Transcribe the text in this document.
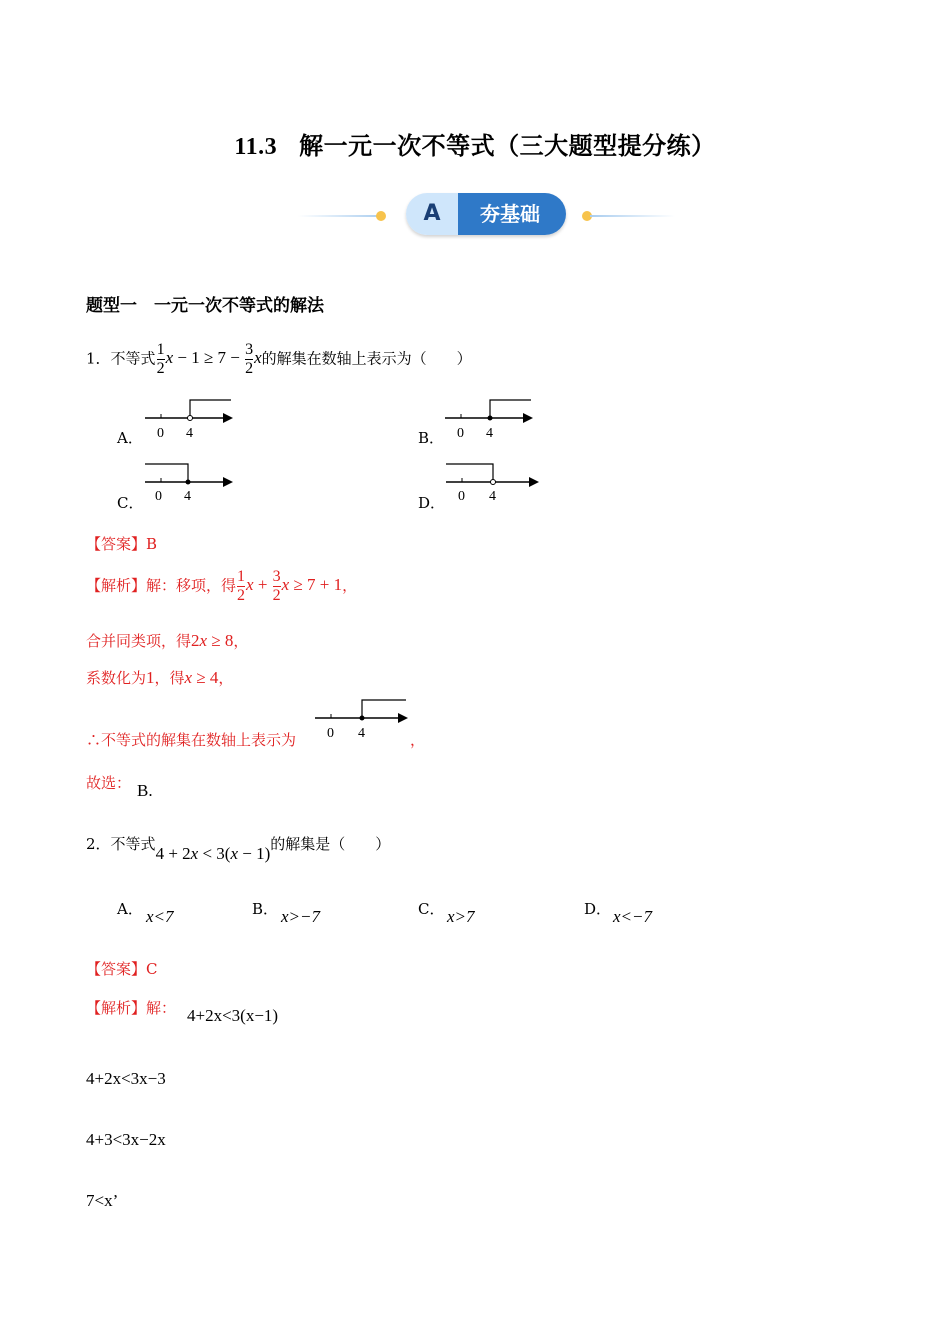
11.3 解一元一次不等式（三大题型提分练）
夯基础
A
题型一　一元一次不等式的解法
1．不等式 $\frac{1}{2}$ $x - 1 \ge 7 - \frac{3}{2}$ x的解集在数轴上表示为（　　）
A． 0 4	B． 0 4
C． 0 4	D． 0 4
【答案】B
【解析】解：移项，得 $\frac{1}{2}$ $x + \frac{3}{2}$ x ≥ 7 + 1，
合并同类项，得2x ≥ 8，
系数化为1，得x ≥ 4，
∴不等式的解集在数轴上表示为 0 4	，
故选： B.
2．不等式4 + 2x < 3(x − 1)的解集是（　　）
A． x<7	B． x>−7	C． x>7	D． x<−7
【答案】C
【解析】解： 4+2x<3(x−1)
4+2x<3x−3
4+3<3x−2x
7<x’
